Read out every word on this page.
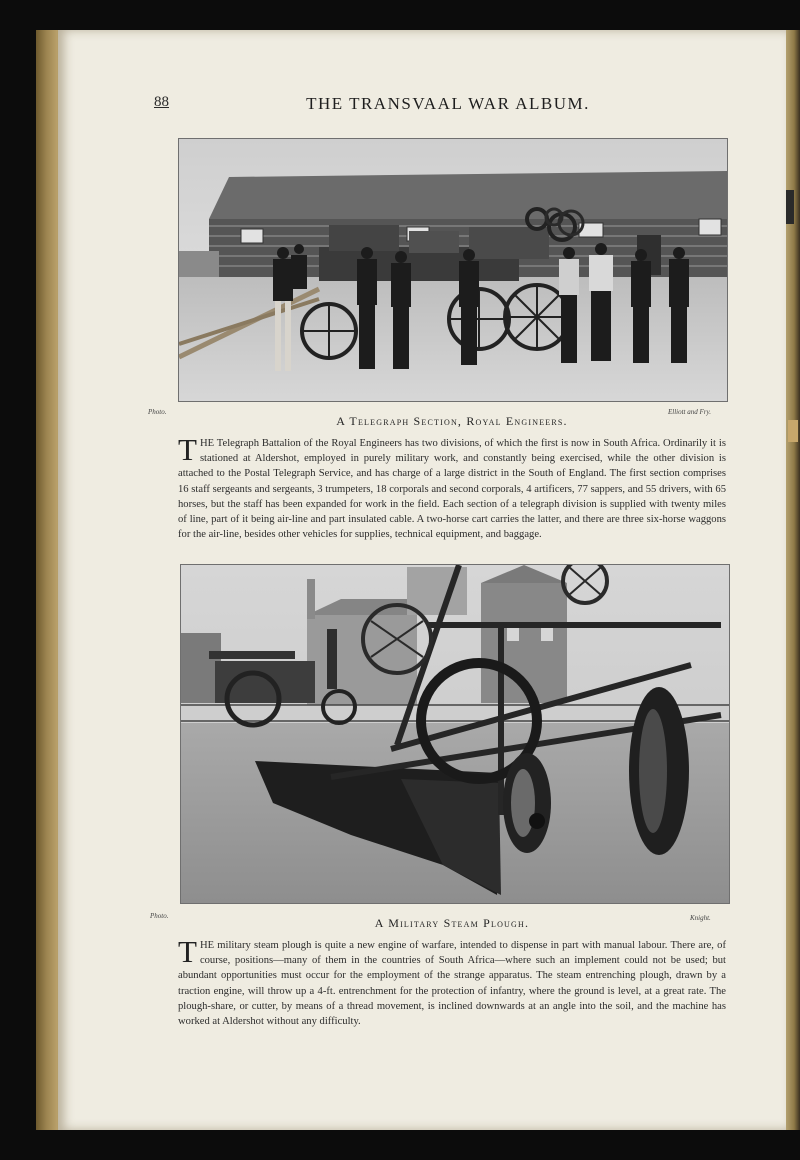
88	THE TRANSVAAL WAR ALBUM.
Photo.	Elliott and Fry.
A Telegraph Section, Royal Engineers.

THE Telegraph Battalion of the Royal Engineers has two divisions, of which the first is now in South Africa. Ordinarily it is stationed at Aldershot, employed in purely military work, and constantly being exercised, while the other division is attached to the Postal Telegraph Service, and has charge of a large district in the South of England. The first section comprises 16 staff sergeants and sergeants, 3 trumpeters, 18 corporals and second corporals, 4 artificers, 77 sappers, and 55 drivers, with 65 horses, but the staff has been expanded for work in the field. Each section of a telegraph division is supplied with twenty miles of line, part of it being air-line and part insulated cable. A two-horse cart carries the latter, and there are three six-horse waggons for the air-line, besides other vehicles for supplies, technical equipment, and baggage.

Photo.	Knight.
A Military Steam Plough.

THE military steam plough is quite a new engine of warfare, intended to dispense in part with manual labour. There are, of course, positions—many of them in the countries of South Africa—where such an implement could not be used; but abundant opportunities must occur for the employment of the strange apparatus. The steam entrenching plough, drawn by a traction engine, will throw up a 4-ft. entrenchment for the protection of infantry, where the ground is level, at a great rate. The plough-share, or cutter, by means of a thread movement, is inclined downwards at an angle into the soil, and the machine has worked at Aldershot without any difficulty.
